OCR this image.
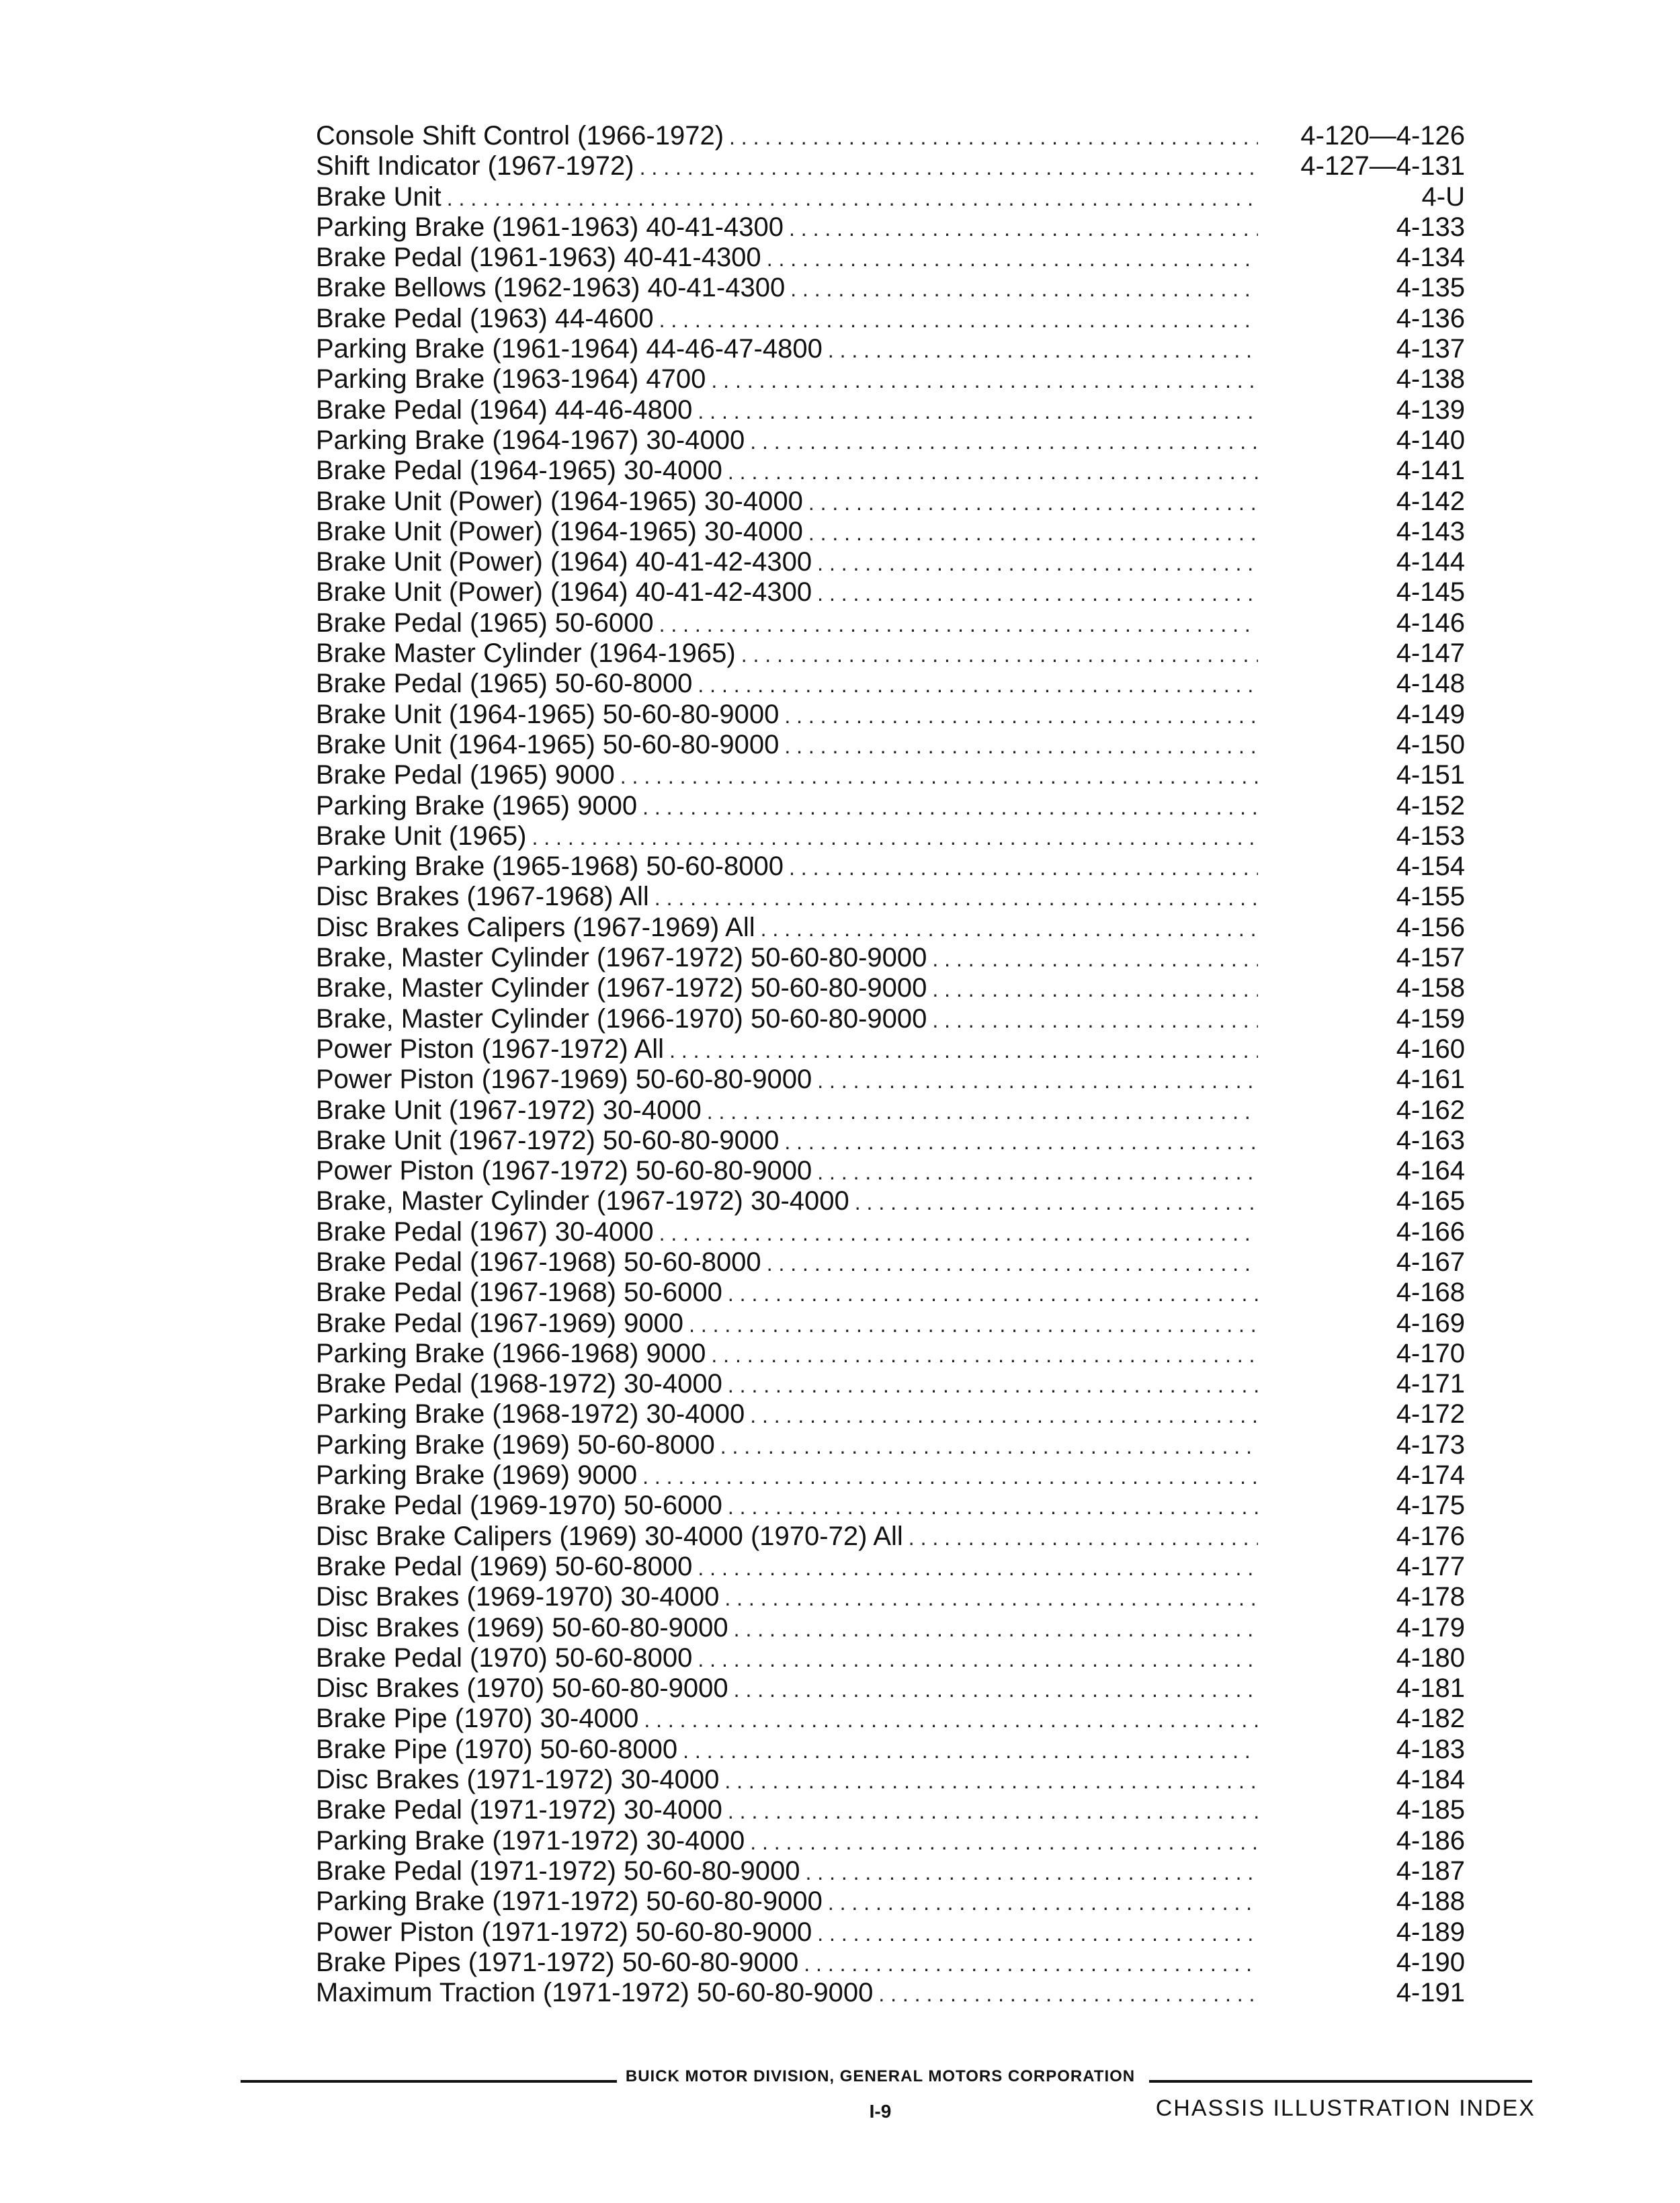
Console Shift Control (1966-1972) . . .	4-120—4-126
Shift Indicator (1967-1972) . . .	4-127—4-131
Brake Unit . . .	4-U
Parking Brake (1961-1963) 40-41-4300 . . .	4-133
Brake Pedal (1961-1963) 40-41-4300 . . .	4-134
Brake Bellows (1962-1963) 40-41-4300 . . .	4-135
Brake Pedal (1963) 44-4600 . . .	4-136
Parking Brake (1961-1964) 44-46-47-4800 . . .	4-137
Parking Brake (1963-1964) 4700 . . .	4-138
Brake Pedal (1964) 44-46-4800 . . .	4-139
Parking Brake (1964-1967) 30-4000 . . .	4-140
Brake Pedal (1964-1965) 30-4000 . . .	4-141
Brake Unit (Power) (1964-1965) 30-4000 . . .	4-142
Brake Unit (Power) (1964-1965) 30-4000 . . .	4-143
Brake Unit (Power) (1964) 40-41-42-4300 . . .	4-144
Brake Unit (Power) (1964) 40-41-42-4300 . . .	4-145
Brake Pedal (1965) 50-6000 . . .	4-146
Brake Master Cylinder (1964-1965) . . .	4-147
Brake Pedal (1965) 50-60-8000 . . .	4-148
Brake Unit (1964-1965) 50-60-80-9000 . . .	4-149
Brake Unit (1964-1965) 50-60-80-9000 . . .	4-150
Brake Pedal (1965) 9000 . . .	4-151
Parking Brake (1965) 9000 . . .	4-152
Brake Unit (1965) . . .	4-153
Parking Brake (1965-1968) 50-60-8000 . . .	4-154
Disc Brakes (1967-1968) All . . .	4-155
Disc Brakes Calipers (1967-1969) All . . .	4-156
Brake, Master Cylinder (1967-1972) 50-60-80-9000 . . .	4-157
Brake, Master Cylinder (1967-1972) 50-60-80-9000 . . .	4-158
Brake, Master Cylinder (1966-1970) 50-60-80-9000 . . .	4-159
Power Piston (1967-1972) All . . .	4-160
Power Piston (1967-1969) 50-60-80-9000 . . .	4-161
Brake Unit (1967-1972) 30-4000 . . .	4-162
Brake Unit (1967-1972) 50-60-80-9000 . . .	4-163
Power Piston (1967-1972) 50-60-80-9000 . . .	4-164
Brake, Master Cylinder (1967-1972) 30-4000 . . .	4-165
Brake Pedal (1967) 30-4000 . . .	4-166
Brake Pedal (1967-1968) 50-60-8000 . . .	4-167
Brake Pedal (1967-1968) 50-6000 . . .	4-168
Brake Pedal (1967-1969) 9000 . . .	4-169
Parking Brake (1966-1968) 9000 . . .	4-170
Brake Pedal (1968-1972) 30-4000 . . .	4-171
Parking Brake (1968-1972) 30-4000 . . .	4-172
Parking Brake (1969) 50-60-8000 . . .	4-173
Parking Brake (1969) 9000 . . .	4-174
Brake Pedal (1969-1970) 50-6000 . . .	4-175
Disc Brake Calipers (1969) 30-4000 (1970-72) All . . .	4-176
Brake Pedal (1969) 50-60-8000 . . .	4-177
Disc Brakes (1969-1970) 30-4000 . . .	4-178
Disc Brakes (1969) 50-60-80-9000 . . .	4-179
Brake Pedal (1970) 50-60-8000 . . .	4-180
Disc Brakes (1970) 50-60-80-9000 . . .	4-181
Brake Pipe (1970) 30-4000 . . .	4-182
Brake Pipe (1970) 50-60-8000 . . .	4-183
Disc Brakes (1971-1972) 30-4000 . . .	4-184
Brake Pedal (1971-1972) 30-4000 . . .	4-185
Parking Brake (1971-1972) 30-4000 . . .	4-186
Brake Pedal (1971-1972) 50-60-80-9000 . . .	4-187
Parking Brake (1971-1972) 50-60-80-9000 . . .	4-188
Power Piston (1971-1972) 50-60-80-9000 . . .	4-189
Brake Pipes (1971-1972) 50-60-80-9000 . . .	4-190
Maximum Traction (1971-1972) 50-60-80-9000 . . .	4-191
BUICK MOTOR DIVISION, GENERAL MOTORS CORPORATION
I-9	CHASSIS ILLUSTRATION INDEX
